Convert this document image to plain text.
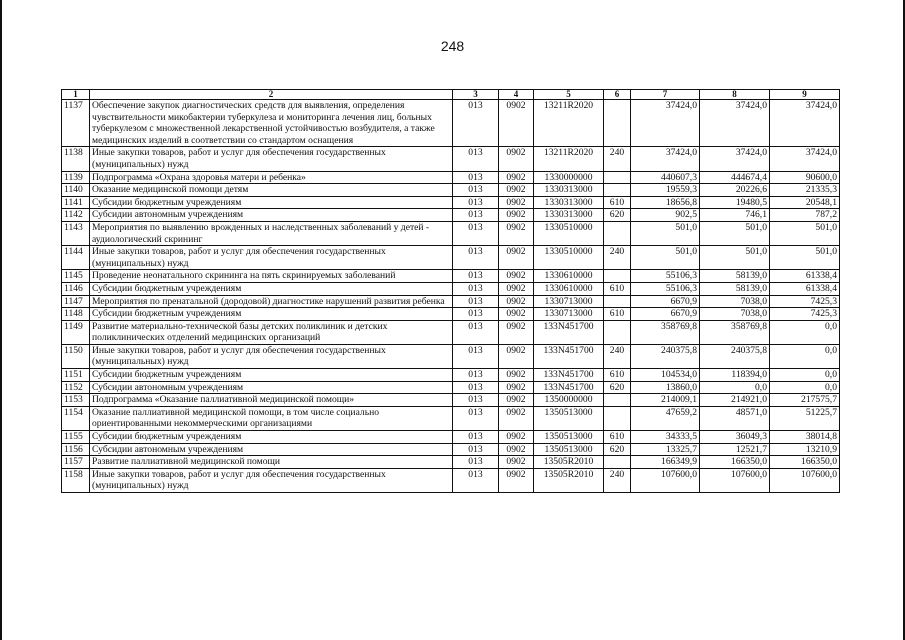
248
1	2	3	4	5	6	7	8	9
1137	Обеспечение закупок диагностических средств для выявления, определения чувствительности микобактерии туберкулеза и мониторинга лечения лиц, больных туберкулезом с множественной лекарственной устойчивостью возбудителя, а также медицинских изделий в соответствии со стандартом оснащения	013	0902	13211R2020		37424,0	37424,0	37424,0
1138	Иные закупки товаров, работ и услуг для обеспечения государственных (муниципальных) нужд	013	0902	13211R2020	240	37424,0	37424,0	37424,0
1139	Подпрограмма «Охрана здоровья матери и ребенка»	013	0902	1330000000		440607,3	444674,4	90600,0
1140	Оказание медицинской помощи детям	013	0902	1330313000		19559,3	20226,6	21335,3
1141	Субсидии бюджетным учреждениям	013	0902	1330313000	610	18656,8	19480,5	20548,1
1142	Субсидии автономным учреждениям	013	0902	1330313000	620	902,5	746,1	787,2
1143	Мероприятия по выявлению врожденных и наследственных заболеваний у детей - аудиологический скрининг	013	0902	1330510000		501,0	501,0	501,0
1144	Иные закупки товаров, работ и услуг для обеспечения государственных (муниципальных) нужд	013	0902	1330510000	240	501,0	501,0	501,0
1145	Проведение неонатального скрининга на пять скринируемых заболеваний	013	0902	1330610000		55106,3	58139,0	61338,4
1146	Субсидии бюджетным учреждениям	013	0902	1330610000	610	55106,3	58139,0	61338,4
1147	Мероприятия по пренатальной (дородовой) диагностике нарушений развития ребенка	013	0902	1330713000		6670,9	7038,0	7425,3
1148	Субсидии бюджетным учреждениям	013	0902	1330713000	610	6670,9	7038,0	7425,3
1149	Развитие материально-технической базы детских поликлиник и детских поликлинических отделений медицинских организаций	013	0902	133N451700		358769,8	358769,8	0,0
1150	Иные закупки товаров, работ и услуг для обеспечения государственных (муниципальных) нужд	013	0902	133N451700	240	240375,8	240375,8	0,0
1151	Субсидии бюджетным учреждениям	013	0902	133N451700	610	104534,0	118394,0	0,0
1152	Субсидии автономным учреждениям	013	0902	133N451700	620	13860,0	0,0	0,0
1153	Подпрограмма «Оказание паллиативной медицинской помощи»	013	0902	1350000000		214009,1	214921,0	217575,7
1154	Оказание паллиативной медицинской помощи, в том числе социально ориентированными некоммерческими организациями	013	0902	1350513000		47659,2	48571,0	51225,7
1155	Субсидии бюджетным учреждениям	013	0902	1350513000	610	34333,5	36049,3	38014,8
1156	Субсидии автономным учреждениям	013	0902	1350513000	620	13325,7	12521,7	13210,9
1157	Развитие паллиативной медицинской помощи	013	0902	13505R2010		166349,9	166350,0	166350,0
1158	Иные закупки товаров, работ и услуг для обеспечения государственных (муниципальных) нужд	013	0902	13505R2010	240	107600,0	107600,0	107600,0
